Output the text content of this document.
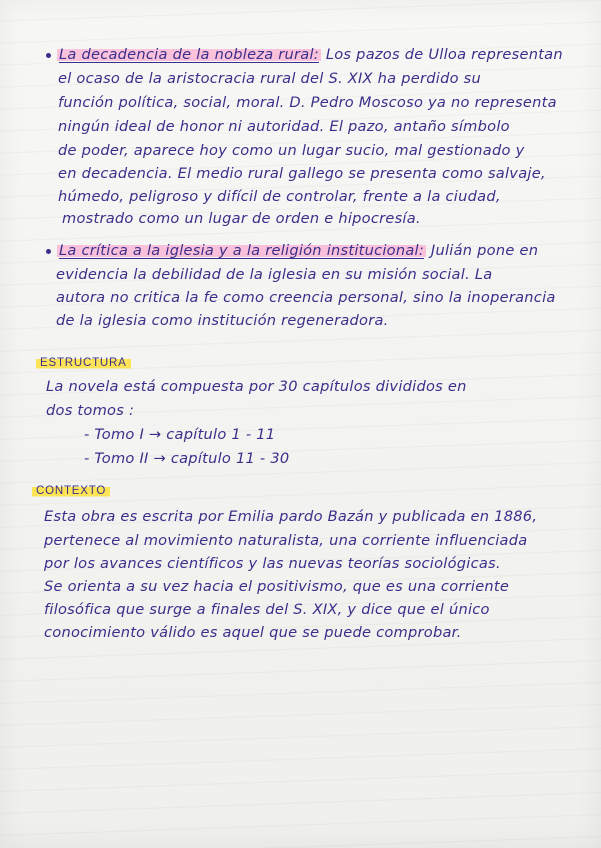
La decadencia de la nobleza rural: Los pazos de Ulloa representan
el ocaso de la aristocracia rural del S. XIX ha perdido su
función política, social, moral. D. Pedro Moscoso ya no representa
ningún ideal de honor ni autoridad. El pazo, antaño símbolo
de poder, aparece hoy como un lugar sucio, mal gestionado y
en decadencia. El medio rural gallego se presenta como salvaje,
húmedo, peligroso y difícil de controlar, frente a la ciudad,
mostrado como un lugar de orden e hipocresía.
La crítica a la iglesia y a la religión institucional: Julián pone en
evidencia la debilidad de la iglesia en su misión social. La
autora no critica la fe como creencia personal, sino la inoperancia
de la iglesia como institución regeneradora.
ESTRUCTURA
La novela está compuesta por 30 capítulos divididos en
dos tomos :
- Tomo I → capítulo 1 - 11
- Tomo II → capítulo 11 - 30
CONTEXTO
Esta obra es escrita por Emilia pardo Bazán y publicada en 1886,
pertenece al movimiento naturalista, una corriente influenciada
por los avances científicos y las nuevas teorías sociológicas.
Se orienta a su vez hacia el positivismo, que es una corriente
filosófica que surge a finales del S. XIX, y dice que el único
conocimiento válido es aquel que se puede comprobar.
